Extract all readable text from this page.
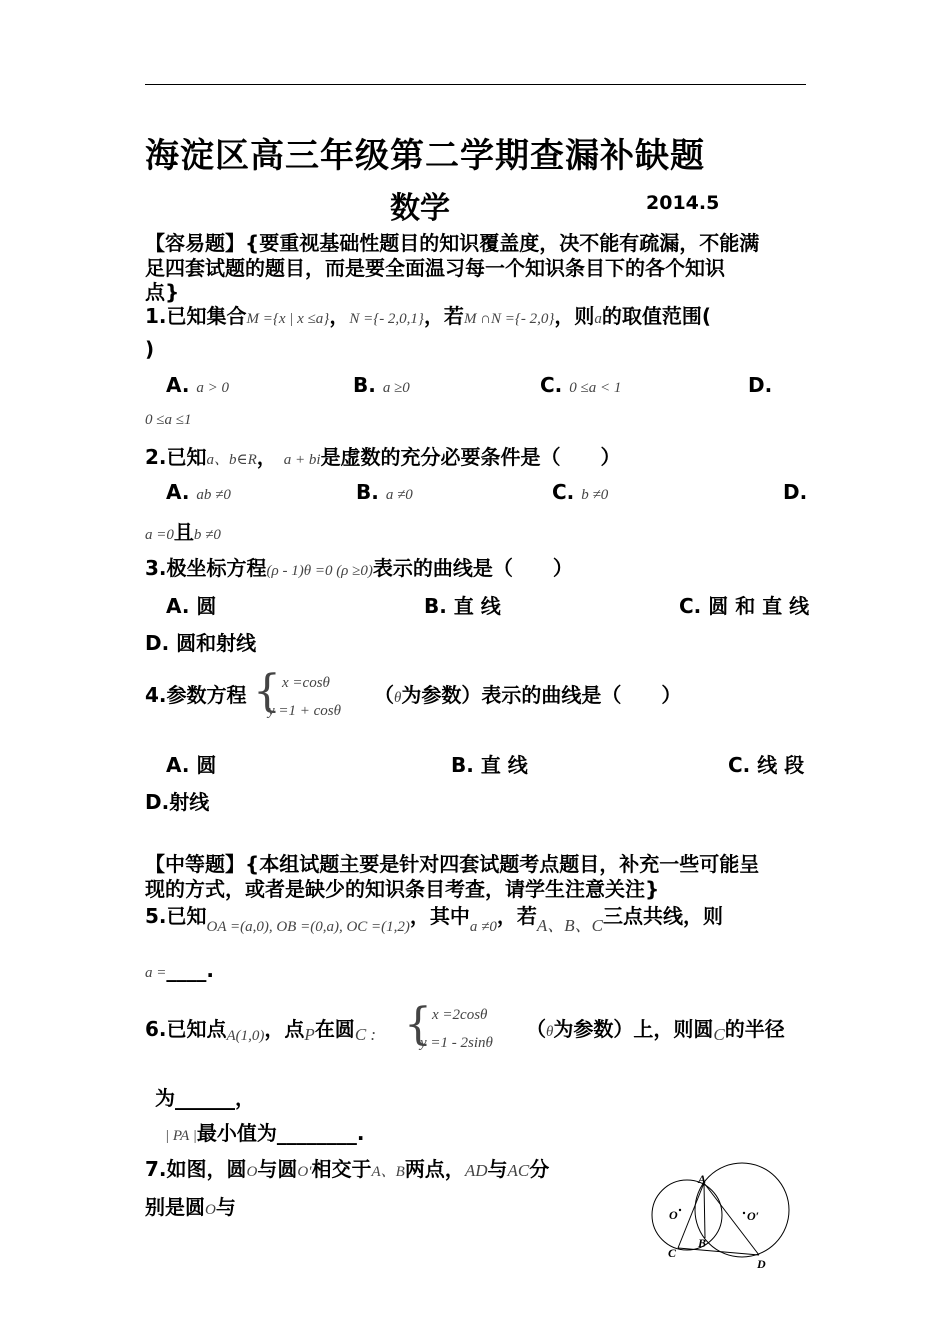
海淀区高三年级第二学期查漏补缺题
数学	2014.5
【容易题】{要重视基础性题目的知识覆盖度，决不能有疏漏，不能满
足四套试题的题目，而是要全面温习每一个知识条目下的各个知识
点}
1.已知集合M ={x | x ≤a}，N ={- 2,0,1}，若M ∩N ={- 2,0}，则a的取值范围(
)
A. a > 0	B. a ≥0	C. 0 ≤a < 1	D.
0 ≤a ≤1
2.已知a、b∈R， a + bi是虚数的充分必要条件是（　　）
A. ab ≠0	B. a ≠0	C. b ≠0	D.
a =0且b ≠0
3.极坐标方程(ρ - 1)θ =0 (ρ ≥0)表示的曲线是（　　）
A. 圆	B. 直 线	C. 圆 和 直 线
D. 圆和射线
4.参数方程 { x =cosθ
y =1 + cosθ
（θ为参数）表示的曲线是（　　）
A. 圆	B. 直 线	C. 线 段
D.射线
【中等题】{本组试题主要是针对四套试题考点题目，补充一些可能呈
现的方式，或者是缺少的知识条目考查，请学生注意关注}
5.已知$_{OA =(a,0), OB =(0,a), OC =(1,2)}$，其中$_{a \ne 0}$，若$_{A、B、C}$三点共线，则
a =____.
6.已知点$_{A(1,0)}$，点$_P$在圆$_{C :}$ { x =2cosθ
y =1 - 2sinθ
（θ为参数）上，则圆$_C$的半径
为______，
| PA |最小值为________.
7.如图，圆O与圆O′相交于A、B两点，AD与AC分
别是圆O与
A
B
C
D
O	O′
